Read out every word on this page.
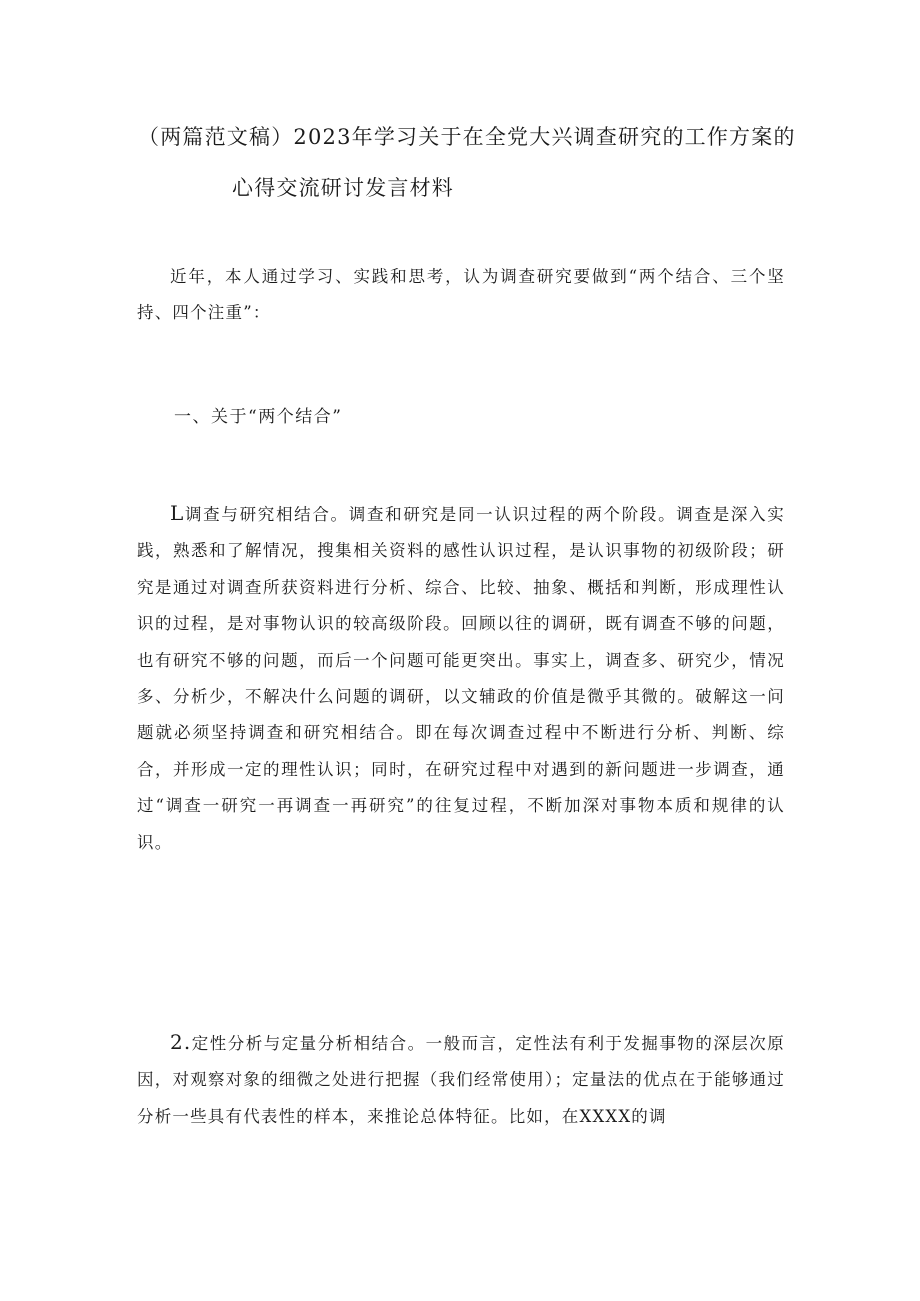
（两篇范文稿）2023年学习关于在全党大兴调查研究的工作方案的
心得交流研讨发言材料
近年，本人通过学习、实践和思考，认为调查研究要做到“两个结合、三个坚持、四个注重”：
一、关于“两个结合”
L调查与研究相结合。调查和研究是同一认识过程的两个阶段。调查是深入实践，熟悉和了解情况，搜集相关资料的感性认识过程，是认识事物的初级阶段；研究是通过对调查所获资料进行分析、综合、比较、抽象、概括和判断，形成理性认识的过程，是对事物认识的较高级阶段。回顾以往的调研，既有调查不够的问题，也有研究不够的问题，而后一个问题可能更突出。事实上，调查多、研究少，情况多、分析少，不解决什么问题的调研，以文辅政的价值是微乎其微的。破解这一问题就必须坚持调查和研究相结合。即在每次调查过程中不断进行分析、判断、综合，并形成一定的理性认识；同时，在研究过程中对遇到的新问题进一步调查，通过“调查一研究一再调查一再研究”的往复过程，不断加深对事物本质和规律的认识。
2.定性分析与定量分析相结合。一般而言，定性法有利于发掘事物的深层次原因，对观察对象的细微之处进行把握（我们经常使用）；定量法的优点在于能够通过分析一些具有代表性的样本，来推论总体特征。比如，在XXXX的调
